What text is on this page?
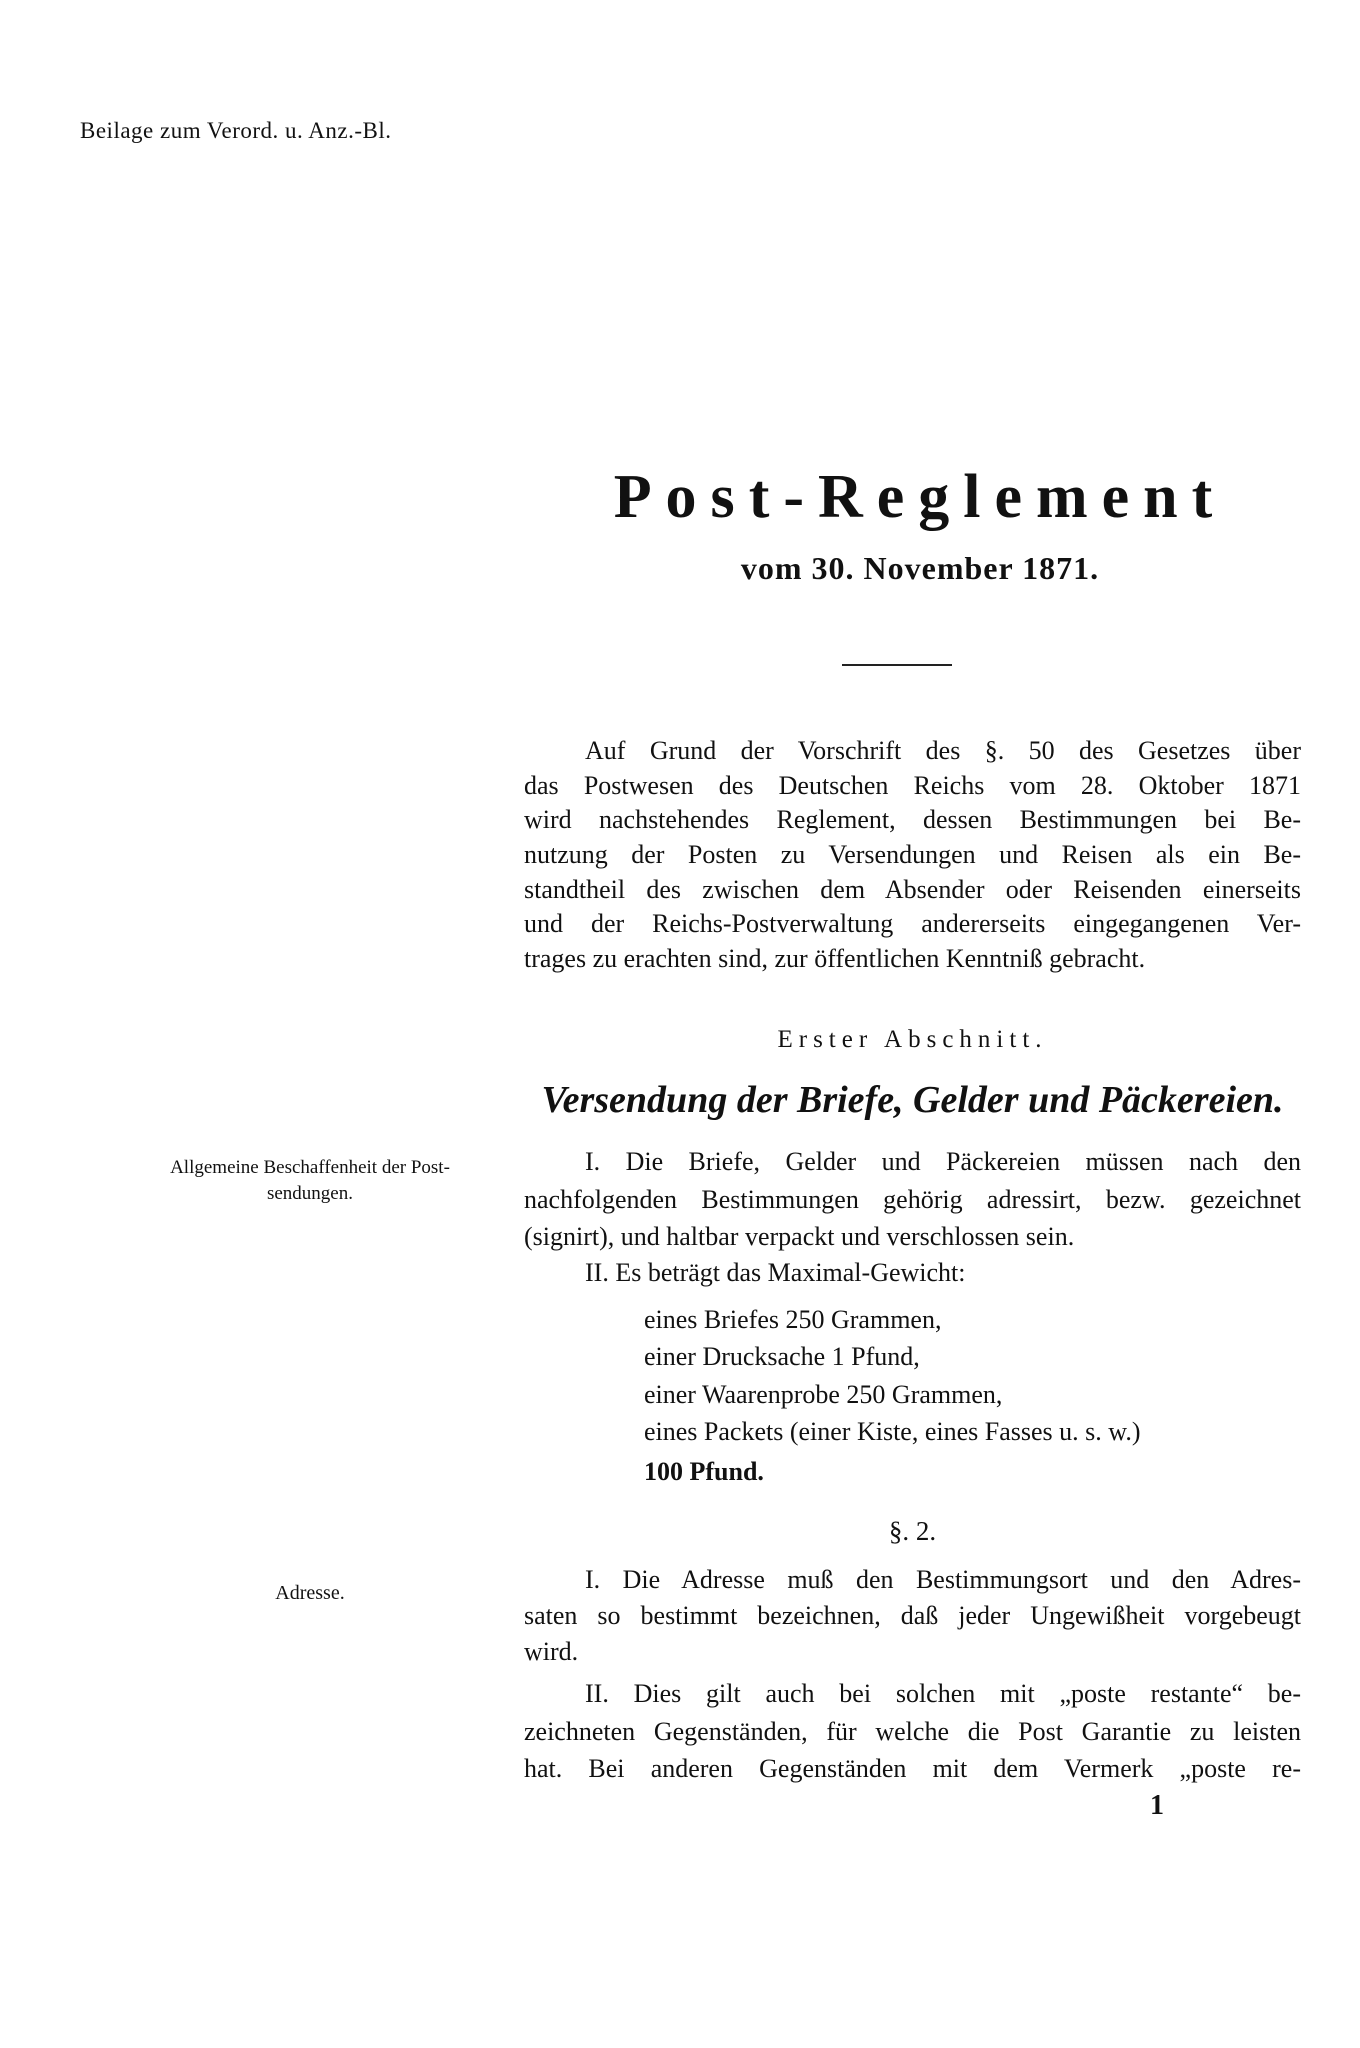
Beilage zum Verord. u. Anz.-Bl.
Post-Reglement
vom 30. November 1871.
Auf Grund der Vorschrift des §. 50 des Gesetzes über
das Postwesen des Deutschen Reichs vom 28. Oktober 1871
wird nachstehendes Reglement, dessen Bestimmungen bei Be-
nutzung der Posten zu Versendungen und Reisen als ein Be-
standtheil des zwischen dem Absender oder Reisenden einerseits
und der Reichs-Postverwaltung andererseits eingegangenen Ver-
trages zu erachten sind, zur öffentlichen Kenntniß gebracht.
Erster Abschnitt.
Versendung der Briefe, Gelder und Päckereien.
Allgemeine Beschaffenheit der Post-
sendungen.
I. Die Briefe, Gelder und Päckereien müssen nach den
nachfolgenden Bestimmungen gehörig adressirt, bezw. gezeichnet
(signirt), und haltbar verpackt und verschlossen sein.
II. Es beträgt das Maximal-Gewicht:
eines Briefes 250 Grammen,
einer Drucksache 1 Pfund,
einer Waarenprobe 250 Grammen,
eines Packets (einer Kiste, eines Fasses u. s. w.)
100 Pfund.
§. 2.
Adresse.	I. Die Adresse muß den Bestimmungsort und den Adres-
saten so bestimmt bezeichnen, daß jeder Ungewißheit vorgebeugt
wird.
II. Dies gilt auch bei solchen mit „poste restante“ be-
zeichneten Gegenständen, für welche die Post Garantie zu leisten
hat. Bei anderen Gegenständen mit dem Vermerk „poste re-
1
